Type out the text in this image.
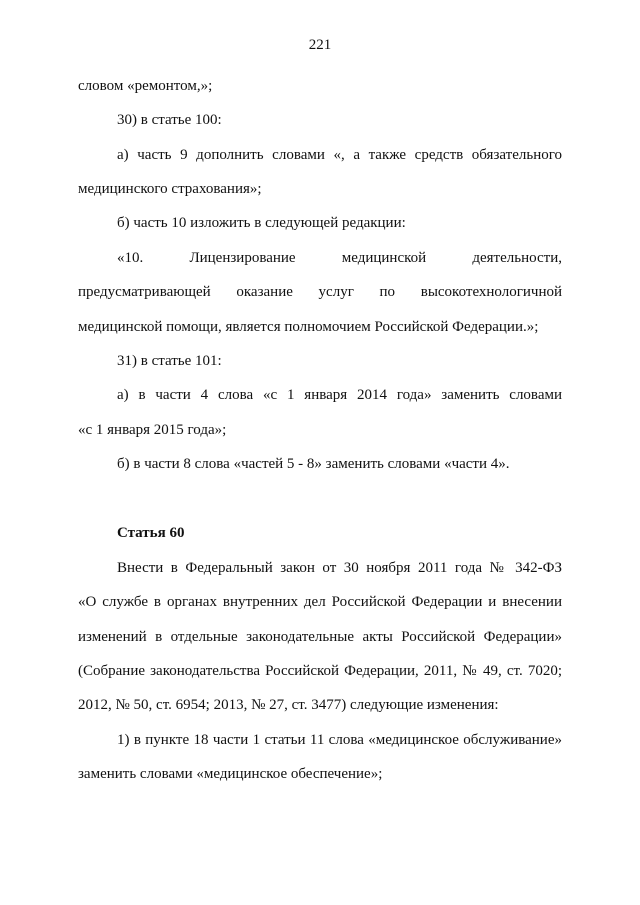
221
словом «ремонтом,»;
30) в статье 100:
а) часть 9 дополнить словами «, а также средств обязательного
медицинского страхования»;
б) часть 10 изложить в следующей редакции:
«10. Лицензирование медицинской деятельности,
предусматривающей оказание услуг по высокотехнологичной
медицинской помощи, является полномочием Российской Федерации.»;
31) в статье 101:
а) в части 4 слова «с 1 января 2014 года» заменить словами
«с 1 января 2015 года»;
б) в части 8 слова «частей 5 - 8» заменить словами «части 4».
Статья 60
Внести в Федеральный закон от 30 ноября 2011 года № 342-ФЗ
«О службе в органах внутренних дел Российской Федерации и внесении
изменений в отдельные законодательные акты Российской Федерации»
(Собрание законодательства Российской Федерации, 2011, № 49, ст. 7020;
2012, № 50, ст. 6954; 2013, № 27, ст. 3477) следующие изменения:
1) в пункте 18 части 1 статьи 11 слова «медицинское обслуживание»
заменить словами «медицинское обеспечение»;
